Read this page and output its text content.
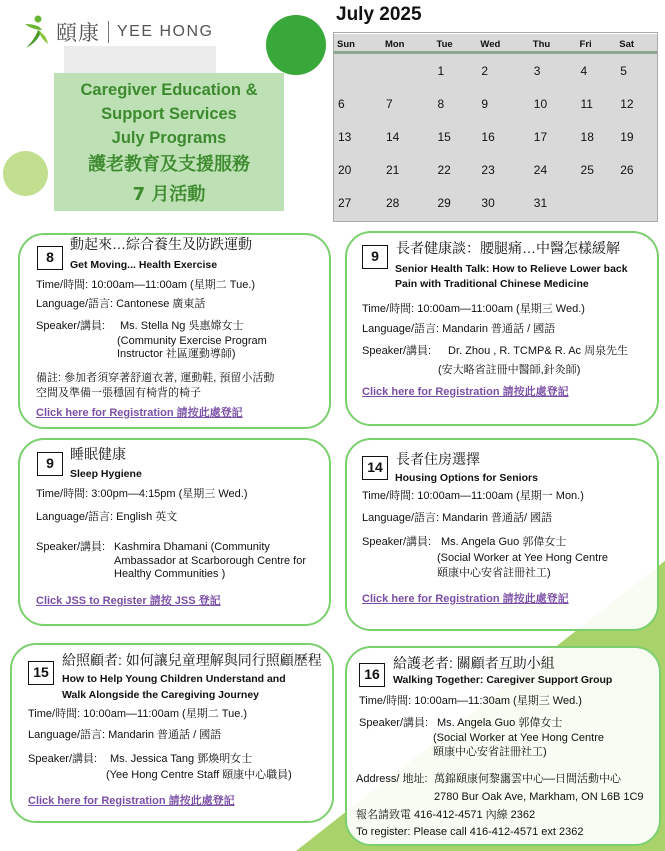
頤康 YEE HONG
Caregiver Education &
Support Services
July Programs
護老教育及支援服務
7 月活動
July 2025
Sun	Mon	Tue	Wed	Thu	Fri	Sat
		1	2	3	4	5
6	7	8	9	10	11	12
13	14	15	16	17	18	19
20	21	22	23	24	25	26
27	28	29	30	31		
8
動起來…綜合養生及防跌運動
Get Moving... Health Exercise
Time/時間: 10:00am—11:00am (星期二 Tue.)
Language/語言: Cantonese 廣東話
Speaker/講員: Ms. Stella Ng 吳惠嫦女士
(Community Exercise Program
Instructor 社區運動導師)
備註: 參加者須穿著舒適衣著, 運動鞋, 預留小活動
空間及準備一張穩固有椅背的椅子
Click here for Registration 請按此處登記
9	長者健康談：腰腿痛…中醫怎樣緩解
Senior Health Talk: How to Relieve Lower back
Pain with Traditional Chinese Medicine
Time/時間: 10:00am—11:00am (星期三 Wed.)
Language/語言: Mandarin 普通話 / 國語
Speaker/講員: Dr. Zhou , R. TCMP& R. Ac 周泉先生
(安大略省註冊中醫師,針灸師)
Click here for Registration 請按此處登記
9
睡眠健康
Sleep Hygiene
Time/時間: 3:00pm—4:15pm (星期三 Wed.)
Language/語言: English 英文
Speaker/講員: Kashmira Dhamani (Community
Ambassador at Scarborough Centre for
Healthy Communities )
Click JSS to Register 請按 JSS 登記
14 長者住房選擇
Housing Options for Seniors
Time/時間: 10:00am—11:00am (星期一 Mon.)
Language/語言: Mandarin 普通話/ 國語
Speaker/講員: Ms. Angela Guo 郭偉女士
(Social Worker at Yee Hong Centre
頤康中心安省註冊社工)
Click here for Registration 請按此處登記
15
給照顧者: 如何讓兒童理解與同行照顧歷程
How to Help Young Children Understand and
Walk Alongside the Caregiving Journey
Time/時間: 10:00am—11:00am (星期二 Tue.)
Language/語言: Mandarin 普通話 / 國語
Speaker/講員: Ms. Jessica Tang 鄧煥明女士
(Yee Hong Centre Staff 頤康中心職員)
Click here for Registration 請按此處登記
16
給護老者: 關顧者互助小組
Walking Together: Caregiver Support Group
Time/時間: 10:00am—11:30am (星期三 Wed.)
Speaker/講員: Ms. Angela Guo 郭偉女士
(Social Worker at Yee Hong Centre
頤康中心安省註冊社工)
Address/ 地址: 萬錦頤康何黎靄雲中心—日間活動中心
2780 Bur Oak Ave, Markham, ON L6B 1C9
報名請致電 416-412-4571 內線 2362
To register: Please call 416-412-4571 ext 2362
